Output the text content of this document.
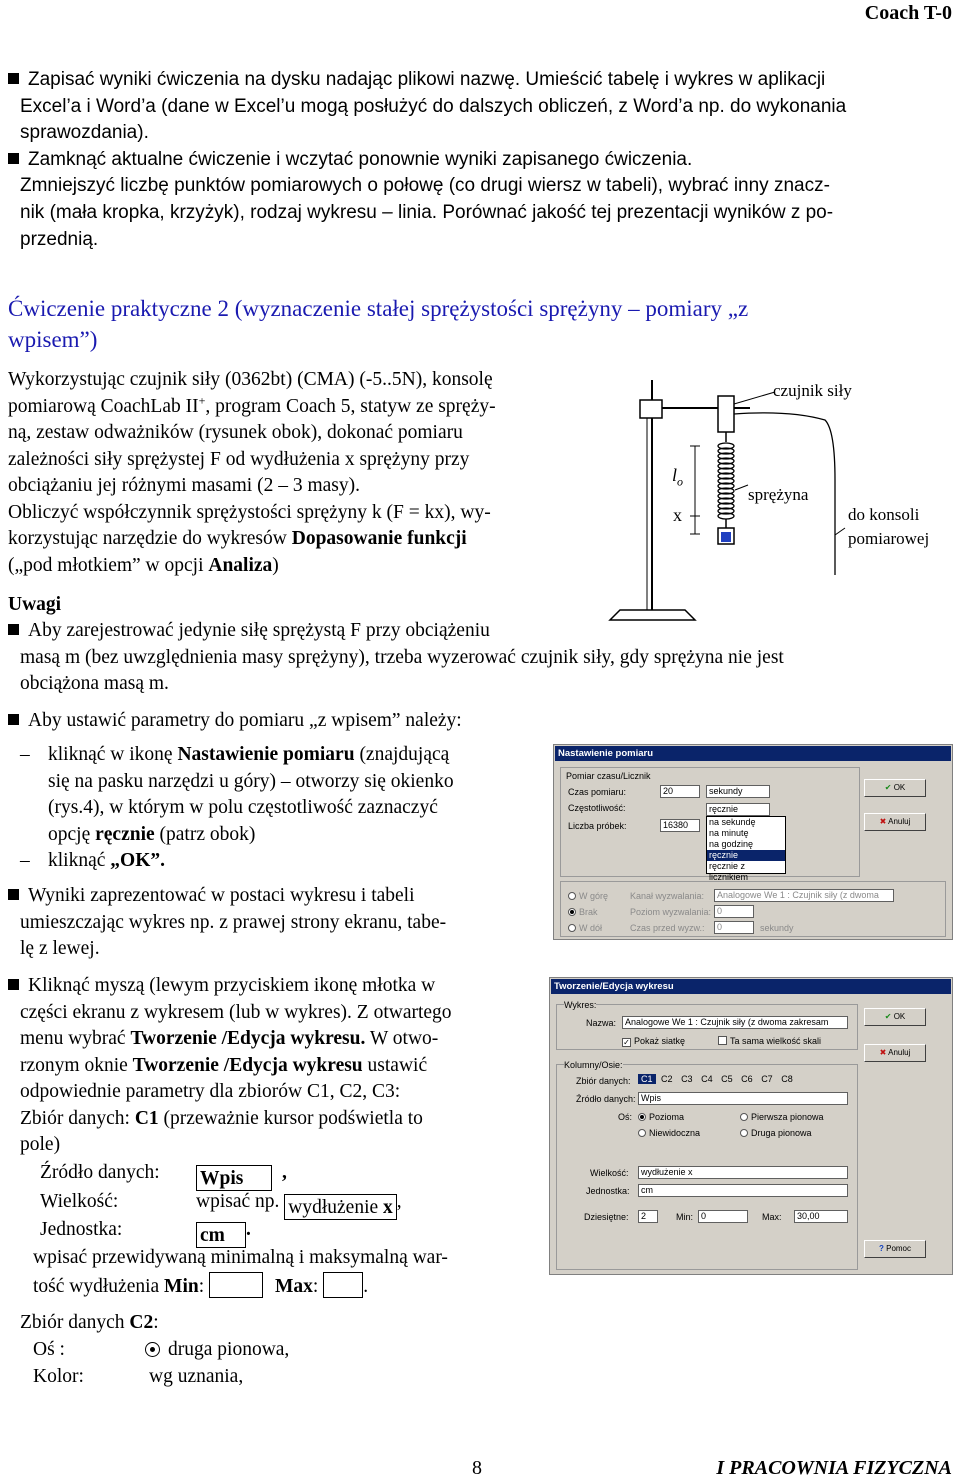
Coach T-0
Zapisać wyniki ćwiczenia na dysku nadając plikowi nazwę. Umieścić tabelę i wykres w aplikacji
Excel’a i Word’a (dane w Excel’u mogą posłużyć do dalszych obliczeń, z Word’a np. do wykonania
sprawozdania).
Zamknąć aktualne ćwiczenie i wczytać ponownie wyniki zapisanego ćwiczenia.
Zmniejszyć liczbę punktów pomiarowych o połowę (co drugi wiersz w tabeli), wybrać inny znacz-
nik (mała kropka, krzyżyk), rodzaj wykresu – linia. Porównać jakość tej prezentacji wyników z po-
przednią.
Ćwiczenie praktyczne 2 (wyznaczenie stałej sprężystości sprężyny – pomiary „z
wpisem”)
Wykorzystując czujnik siły (0362bt) (CMA) (-5..5N), konsolę
pomiarową CoachLab II+, program Coach 5, statyw ze spręży-
ną, zestaw odważników (rysunek obok), dokonać pomiaru
zależności siły sprężystej F od wydłużenia x sprężyny przy
obciążaniu jej różnymi masami (2 – 3 masy).
Obliczyć współczynnik sprężystości sprężyny k (F = kx), wy-
korzystując narzędzie do wykresów Dopasowanie funkcji
(„pod młotkiem” w opcji Analiza)
czujnik siły
$l_o$
x
sprężyna
do konsoli
pomiarowej
Uwagi
Aby zarejestrować jedynie siłę sprężystą F przy obciążeniu
masą m (bez uwzględnienia masy sprężyny), trzeba wyzerować czujnik siły, gdy sprężyna nie jest
obciążona masą m.
Aby ustawić parametry do pomiaru „z wpisem” należy:
– kliknąć w ikonę Nastawienie pomiaru (znajdującą
się na pasku narzędzi u góry) – otworzy się okienko
(rys.4), w którym w polu częstotliwość zaznaczyć
opcję ręcznie (patrz obok)
– kliknąć „OK”.
Wyniki zaprezentować w postaci wykresu i tabeli
umieszczając wykres np. z prawej strony ekranu, tabe-
lę z lewej.
Kliknąć myszą (lewym przyciskiem ikonę młotka w
części ekranu z wykresem (lub w wykres). Z otwartego
menu wybrać Tworzenie /Edycja wykresu. W otwo-
rzonym oknie Tworzenie /Edycja wykresu ustawić
odpowiednie parametry dla zbiorów C1, C2, C3:
Zbiór danych: C1 (przeważnie kursor podświetla to
pole)
Źródło danych: Wpis ,
Wielkość:	wpisać np. wydłużenie x ,
Jednostka:	cm .
wpisać przewidywaną minimalną i maksymalną war-
tość wydłużenia Min:	Max: .
Zbiór danych C2:
Oś :	druga pionowa,
Kolor:	wg uznania,
Nastawienie pomiaru
Pomiar czasu/Licznik
Czas pomiaru:	20	sekundy
Częstotliwość:	ręcznie
Liczba próbek:	16380	na sekundę
na minutę
na godzinę
ręcznie
ręcznie z licznikiem
✔ OK
✖ Anuluj
W górę
Brak
W dół
Kanał wyzwalania:	Analogowe We 1 : Czujnik siły (z dwoma
Poziom wyzwalania: 0
Czas przed wyzw.:	0	sekundy
Tworzenie/Edycja wykresu
Wykres:
Nazwa: Analogowe We 1 : Czujnik siły (z dwoma zakresam
✓ Pokaż siatkę	Ta sama wielkość skali
✔ OK
✖ Anuluj
Kolumny/Osie:
Zbiór danych:	C1 C2 C3 C4 C5 C6 C7 C8
Źródło danych: Wpis
Oś:	Pozioma	Pierwsza pionowa
Niewidoczna	Druga pionowa
Wielkość:	wydłużenie x
Jednostka:	cm
Dziesiętne:	2	Min: 0	Max:	30,00
? Pomoc
8	I PRACOWNIA FIZYCZNA
